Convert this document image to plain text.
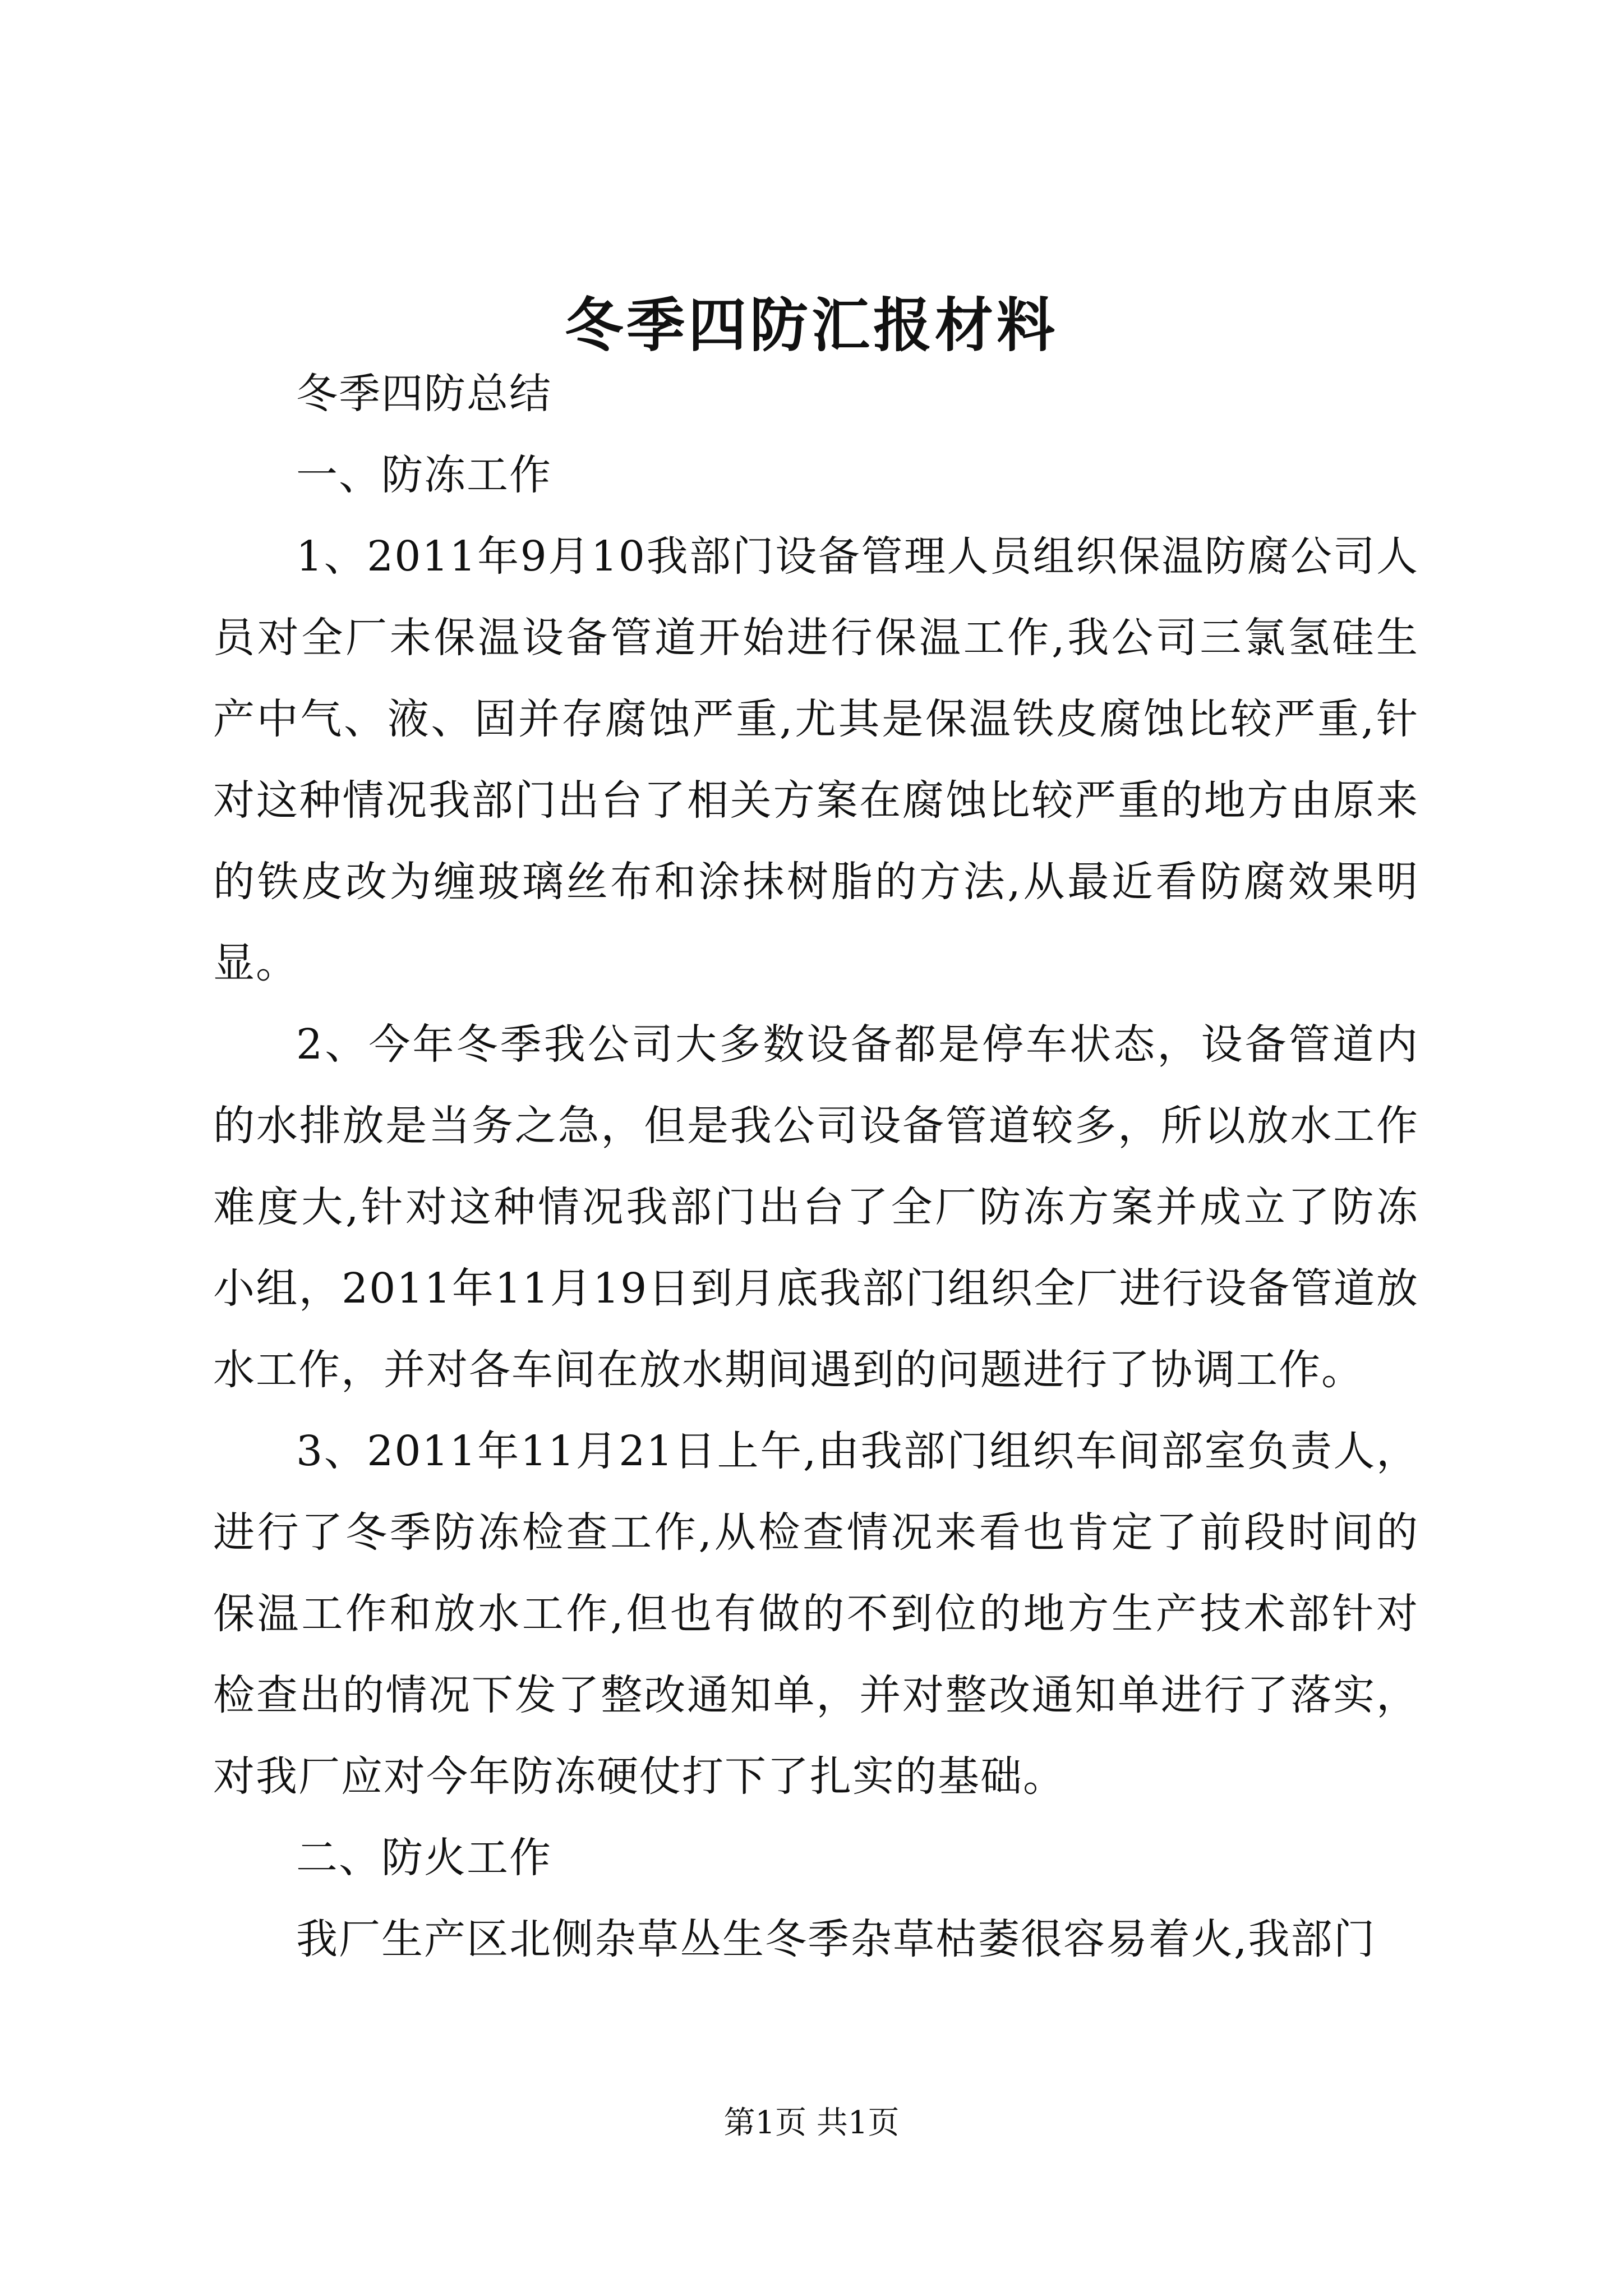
冬季四防汇报材料

冬季四防总结

一、防冻工作

1、2011年9月10我部门设备管理人员组织保温防腐公司人员对全厂未保温设备管道开始进行保温工作,我公司三氯氢硅生产中气、液、固并存腐蚀严重,尤其是保温铁皮腐蚀比较严重,针对这种情况我部门出台了相关方案在腐蚀比较严重的地方由原来的铁皮改为缠玻璃丝布和涂抹树脂的方法,从最近看防腐效果明显。

2、今年冬季我公司大多数设备都是停车状态，设备管道内的水排放是当务之急，但是我公司设备管道较多，所以放水工作难度大,针对这种情况我部门出台了全厂防冻方案并成立了防冻小组，2011年11月19日到月底我部门组织全厂进行设备管道放水工作，并对各车间在放水期间遇到的问题进行了协调工作。

3、2011年11月21日上午,由我部门组织车间部室负责人，进行了冬季防冻检查工作,从检查情况来看也肯定了前段时间的保温工作和放水工作,但也有做的不到位的地方生产技术部针对检查出的情况下发了整改通知单，并对整改通知单进行了落实，对我厂应对今年防冻硬仗打下了扎实的基础。

二、防火工作

我厂生产区北侧杂草丛生冬季杂草枯萎很容易着火,我部门

第1页 共1页
